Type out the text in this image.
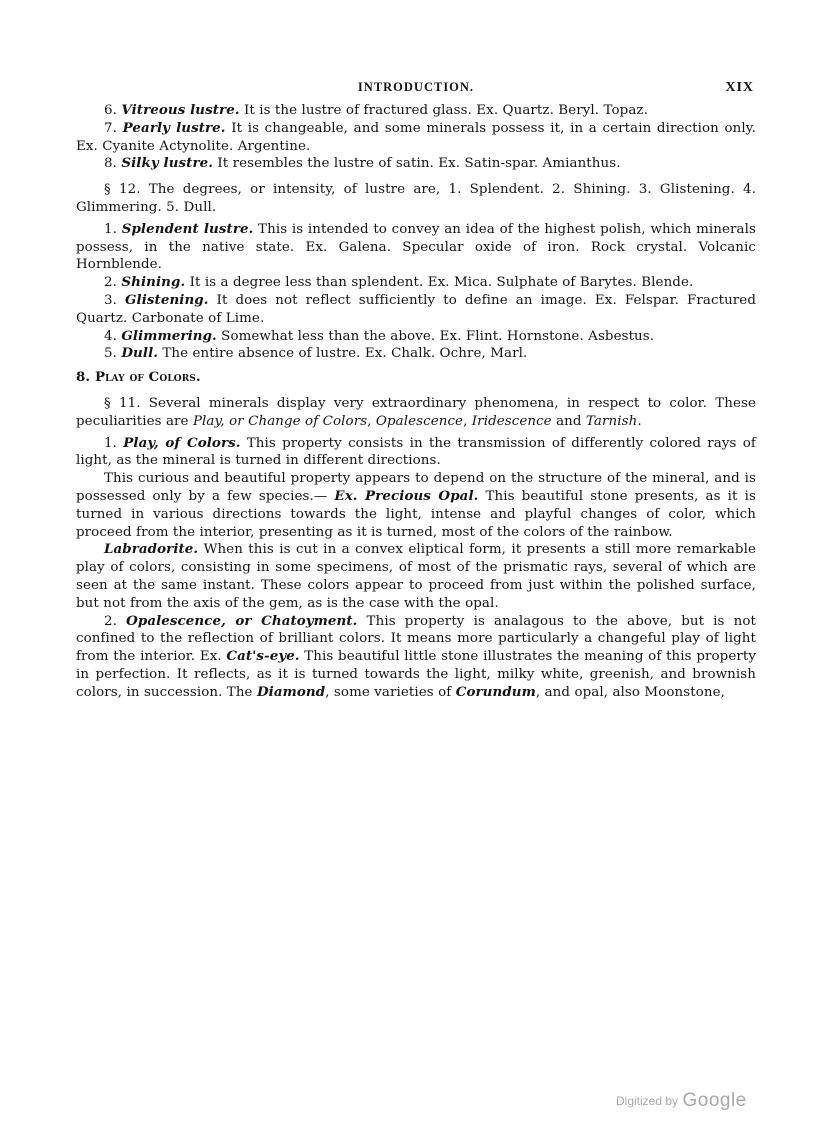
INTRODUCTION.	XIX

6. Vitreous lustre. It is the lustre of fractured glass. Ex. Quartz. Beryl. Topaz.

7. Pearly lustre. It is changeable, and some minerals possess it, in a certain direction only. Ex. Cyanite Actynolite. Argentine.

8. Silky lustre. It resembles the lustre of satin. Ex. Satin-spar. Amianthus.

§ 12. The degrees, or intensity, of lustre are, 1. Splendent. 2. Shining. 3. Glistening. 4. Glimmering. 5. Dull.

1. Splendent lustre. This is intended to convey an idea of the highest polish, which minerals possess, in the native state. Ex. Galena. Specular oxide of iron. Rock crystal. Volcanic Hornblende.

2. Shining. It is a degree less than splendent. Ex. Mica. Sulphate of Barytes. Blende.

3. Glistening. It does not reflect sufficiently to define an image. Ex. Felspar. Fractured Quartz. Carbonate of Lime.

4. Glimmering. Somewhat less than the above. Ex. Flint. Hornstone. Asbestus.

5. Dull. The entire absence of lustre. Ex. Chalk. Ochre, Marl.

8. Play of Colors.

§ 11. Several minerals display very extraordinary phenomena, in respect to color. These peculiarities are Play, or Change of Colors, Opalescence, Iridescence and Tarnish.

1. Play, of Colors. This property consists in the transmission of differently colored rays of light, as the mineral is turned in different directions.

This curious and beautiful property appears to depend on the structure of the mineral, and is possessed only by a few species.— Ex. Precious Opal. This beautiful stone presents, as it is turned in various directions towards the light, intense and playful changes of color, which proceed from the interior, presenting as it is turned, most of the colors of the rainbow.

Labradorite. When this is cut in a convex eliptical form, it presents a still more remarkable play of colors, consisting in some specimens, of most of the prismatic rays, several of which are seen at the same instant. These colors appear to proceed from just within the polished surface, but not from the axis of the gem, as is the case with the opal.

2. Opalescence, or Chatoyment. This property is analagous to the above, but is not confined to the reflection of brilliant colors. It means more particularly a changeful play of light from the interior. Ex. Cat's-eye. This beautiful little stone illustrates the meaning of this property in perfection. It reflects, as it is turned towards the light, milky white, greenish, and brownish colors, in succession. The Diamond, some varieties of Corundum, and opal, also Moonstone,

Digitized by Google
